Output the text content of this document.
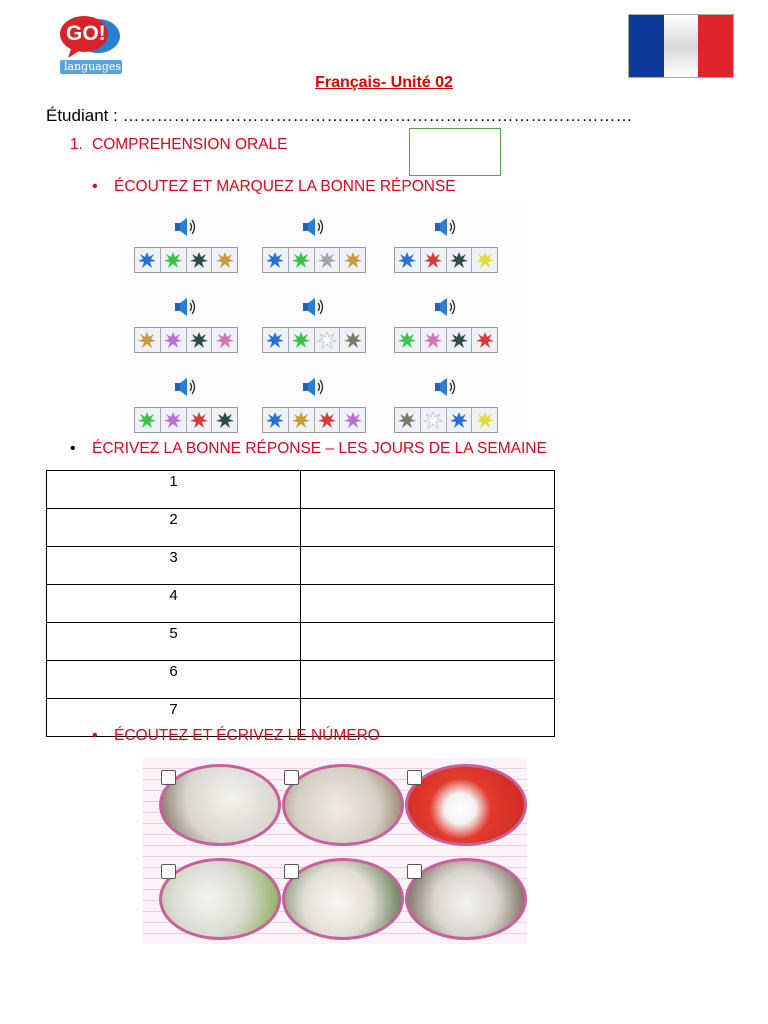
GO!
languages
Français- Unité 02
Étudiant : ………………………………………………………………………………
1. COMPREHENSION ORALE
• ÉCOUTEZ ET MARQUEZ LA BONNE RÉPONSE
• ÉCRIVEZ LA BONNE RÉPONSE – LES JOURS DE LA SEMAINE
1	
2	
3	
4	
5	
6	
7	
• ÉCOUTEZ ET ÉCRIVEZ LE NÚMERO
